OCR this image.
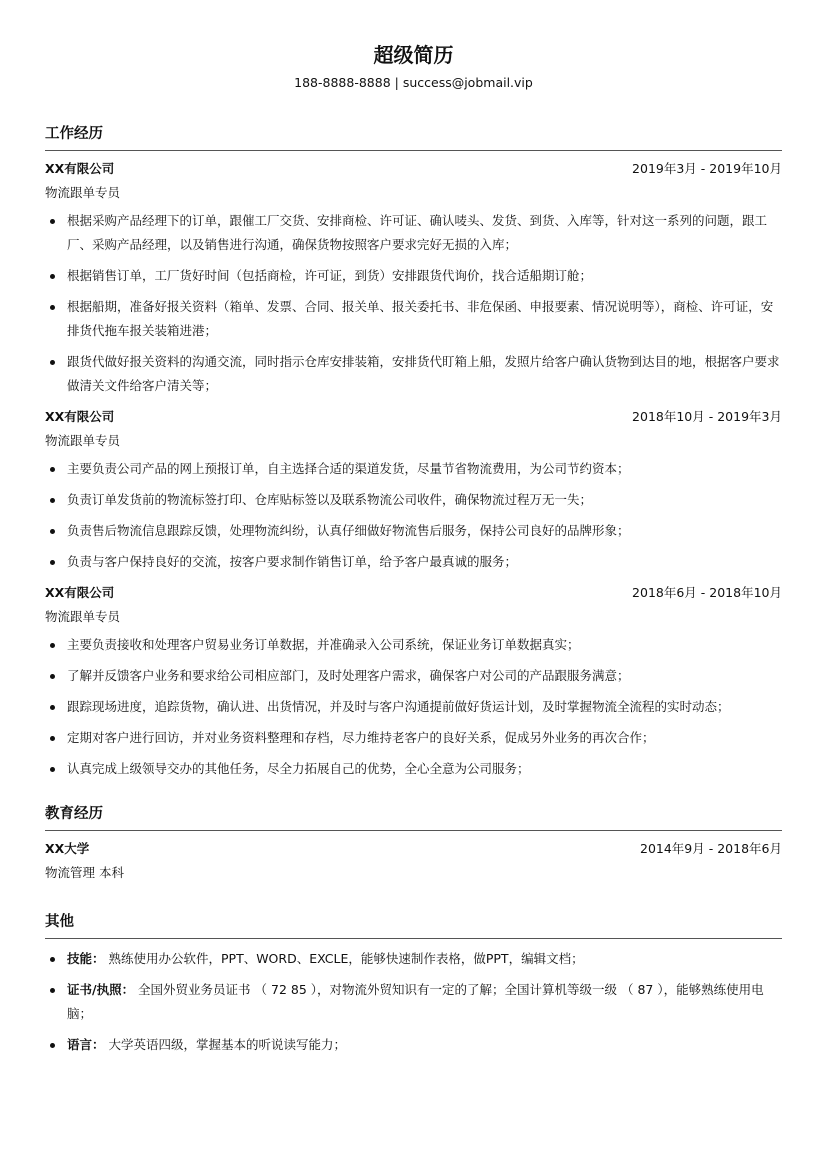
超级简历
188-8888-8888 | success@jobmail.vip
工作经历
XX有限公司	2019年3月 - 2019年10月
物流跟单专员
根据采购产品经理下的订单，跟催工厂交货、安排商检、许可证、确认唛头、发货、到货、入库等，针对这一系列的问题，跟工厂、采购产品经理，以及销售进行沟通，确保货物按照客户要求完好无损的入库；
根据销售订单，工厂货好时间（包括商检，许可证，到货）安排跟货代询价，找合适船期订舱；
根据船期，准备好报关资料（箱单、发票、合同、报关单、报关委托书、非危保函、申报要素、情况说明等），商检、许可证，安排货代拖车报关装箱进港；
跟货代做好报关资料的沟通交流，同时指示仓库安排装箱，安排货代盯箱上船，发照片给客户确认货物到达目的地，根据客户要求做清关文件给客户清关等；
XX有限公司	2018年10月 - 2019年3月
物流跟单专员
主要负责公司产品的网上预报订单，自主选择合适的渠道发货，尽量节省物流费用，为公司节约资本；
负责订单发货前的物流标签打印、仓库贴标签以及联系物流公司收件，确保物流过程万无一失；
负责售后物流信息跟踪反馈，处理物流纠纷，认真仔细做好物流售后服务，保持公司良好的品牌形象；
负责与客户保持良好的交流，按客户要求制作销售订单，给予客户最真诚的服务；
XX有限公司	2018年6月 - 2018年10月
物流跟单专员
主要负责接收和处理客户贸易业务订单数据，并准确录入公司系统，保证业务订单数据真实；
了解并反馈客户业务和要求给公司相应部门，及时处理客户需求，确保客户对公司的产品跟服务满意；
跟踪现场进度，追踪货物，确认进、出货情况，并及时与客户沟通提前做好货运计划，及时掌握物流全流程的实时动态；
定期对客户进行回访，并对业务资料整理和存档，尽力维持老客户的良好关系，促成另外业务的再次合作；
认真完成上级领导交办的其他任务，尽全力拓展自己的优势，全心全意为公司服务；
教育经历
XX大学	2014年9月 - 2018年6月
物流管理 本科
其他
技能： 熟练使用办公软件，PPT、WORD、EXCLE，能够快速制作表格，做PPT，编辑文档；
证书/执照： 全国外贸业务员证书 （ 72 85 ），对物流外贸知识有一定的了解；全国计算机等级一级 （ 87 ），能够熟练使用电脑；
语言： 大学英语四级，掌握基本的听说读写能力；
